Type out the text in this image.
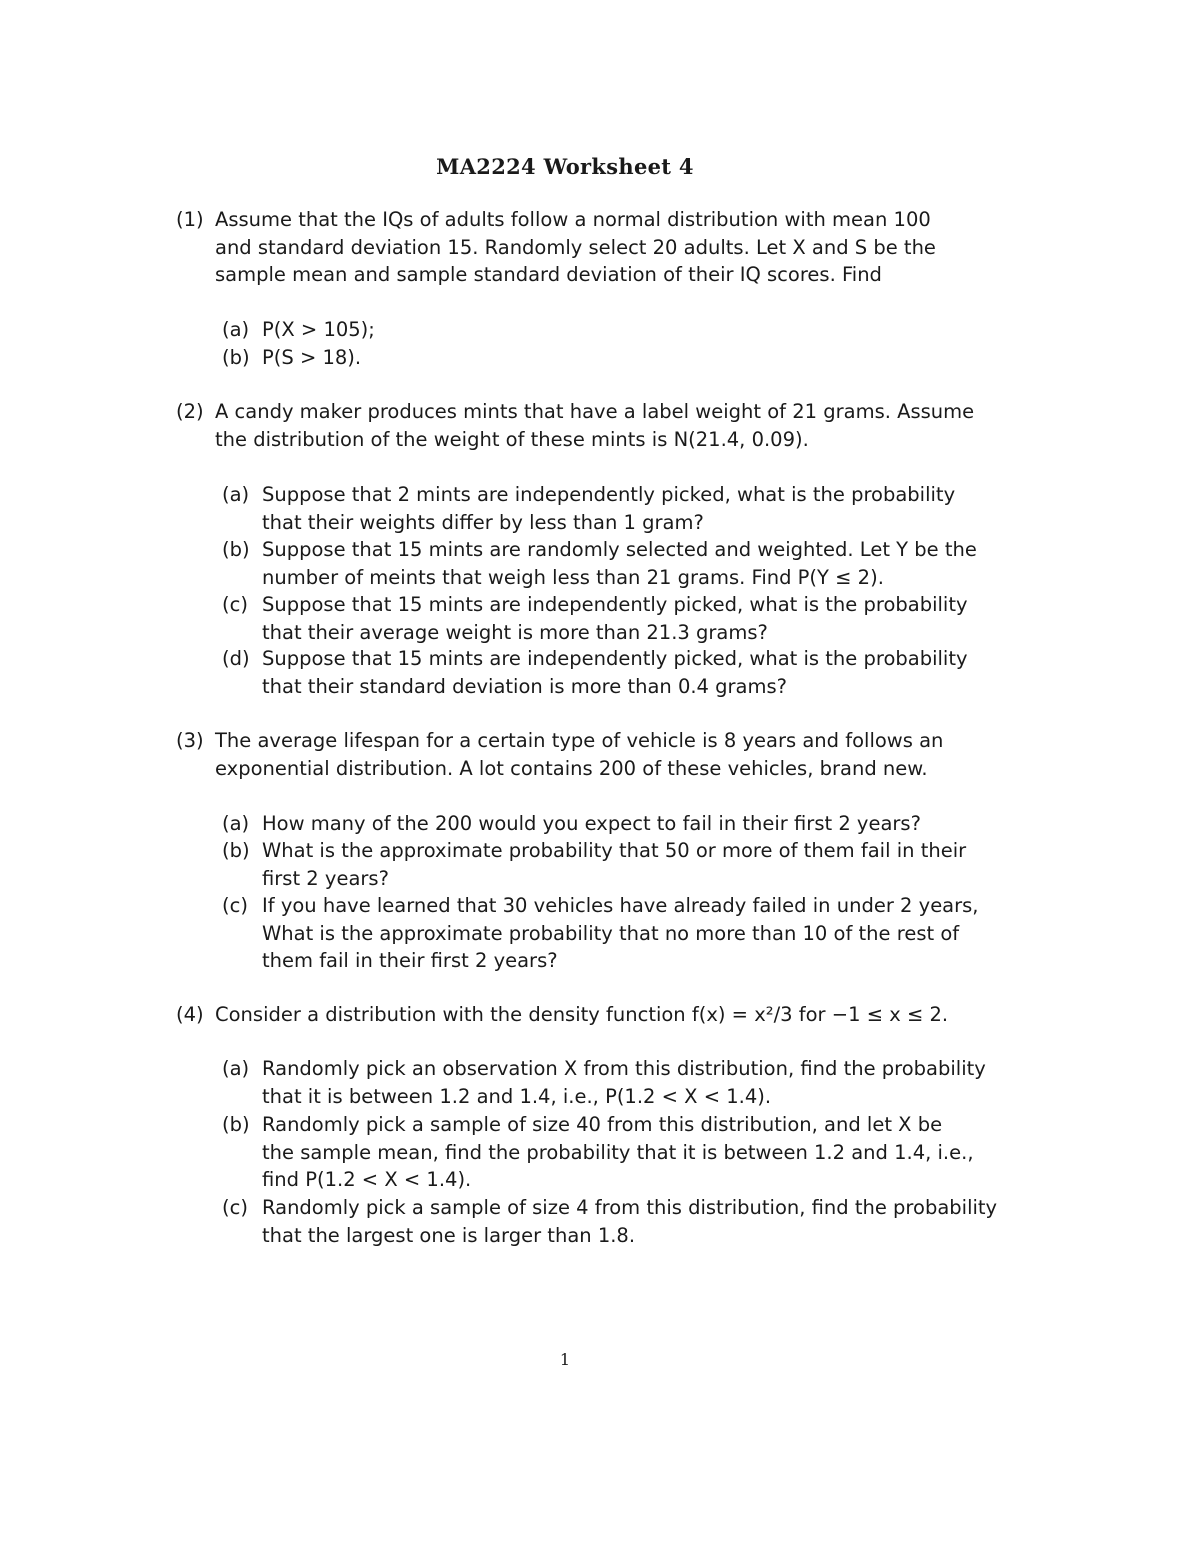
MA2224 Worksheet 4
(1) Assume that the IQs of adults follow a normal distribution with mean 100
and standard deviation 15. Randomly select 20 adults. Let X and S be the
sample mean and sample standard deviation of their IQ scores. Find
(a) P(X > 105);
(b) P(S > 18).
(2) A candy maker produces mints that have a label weight of 21 grams. Assume
the distribution of the weight of these mints is N(21.4, 0.09).
(a) Suppose that 2 mints are independently picked, what is the probability
that their weights differ by less than 1 gram?
(b) Suppose that 15 mints are randomly selected and weighted. Let Y be the
number of meints that weigh less than 21 grams. Find P(Y ≤ 2).
(c) Suppose that 15 mints are independently picked, what is the probability
that their average weight is more than 21.3 grams?
(d) Suppose that 15 mints are independently picked, what is the probability
that their standard deviation is more than 0.4 grams?
(3) The average lifespan for a certain type of vehicle is 8 years and follows an
exponential distribution. A lot contains 200 of these vehicles, brand new.
(a) How many of the 200 would you expect to fail in their first 2 years?
(b) What is the approximate probability that 50 or more of them fail in their
first 2 years?
(c) If you have learned that 30 vehicles have already failed in under 2 years,
What is the approximate probability that no more than 10 of the rest of
them fail in their first 2 years?
(4) Consider a distribution with the density function f(x) = x²/3 for −1 ≤ x ≤ 2.
(a) Randomly pick an observation X from this distribution, find the probability
that it is between 1.2 and 1.4, i.e., P(1.2 < X < 1.4).
(b) Randomly pick a sample of size 40 from this distribution, and let X be
the sample mean, find the probability that it is between 1.2 and 1.4, i.e.,
find P(1.2 < X < 1.4).
(c) Randomly pick a sample of size 4 from this distribution, find the probability
that the largest one is larger than 1.8.
1
